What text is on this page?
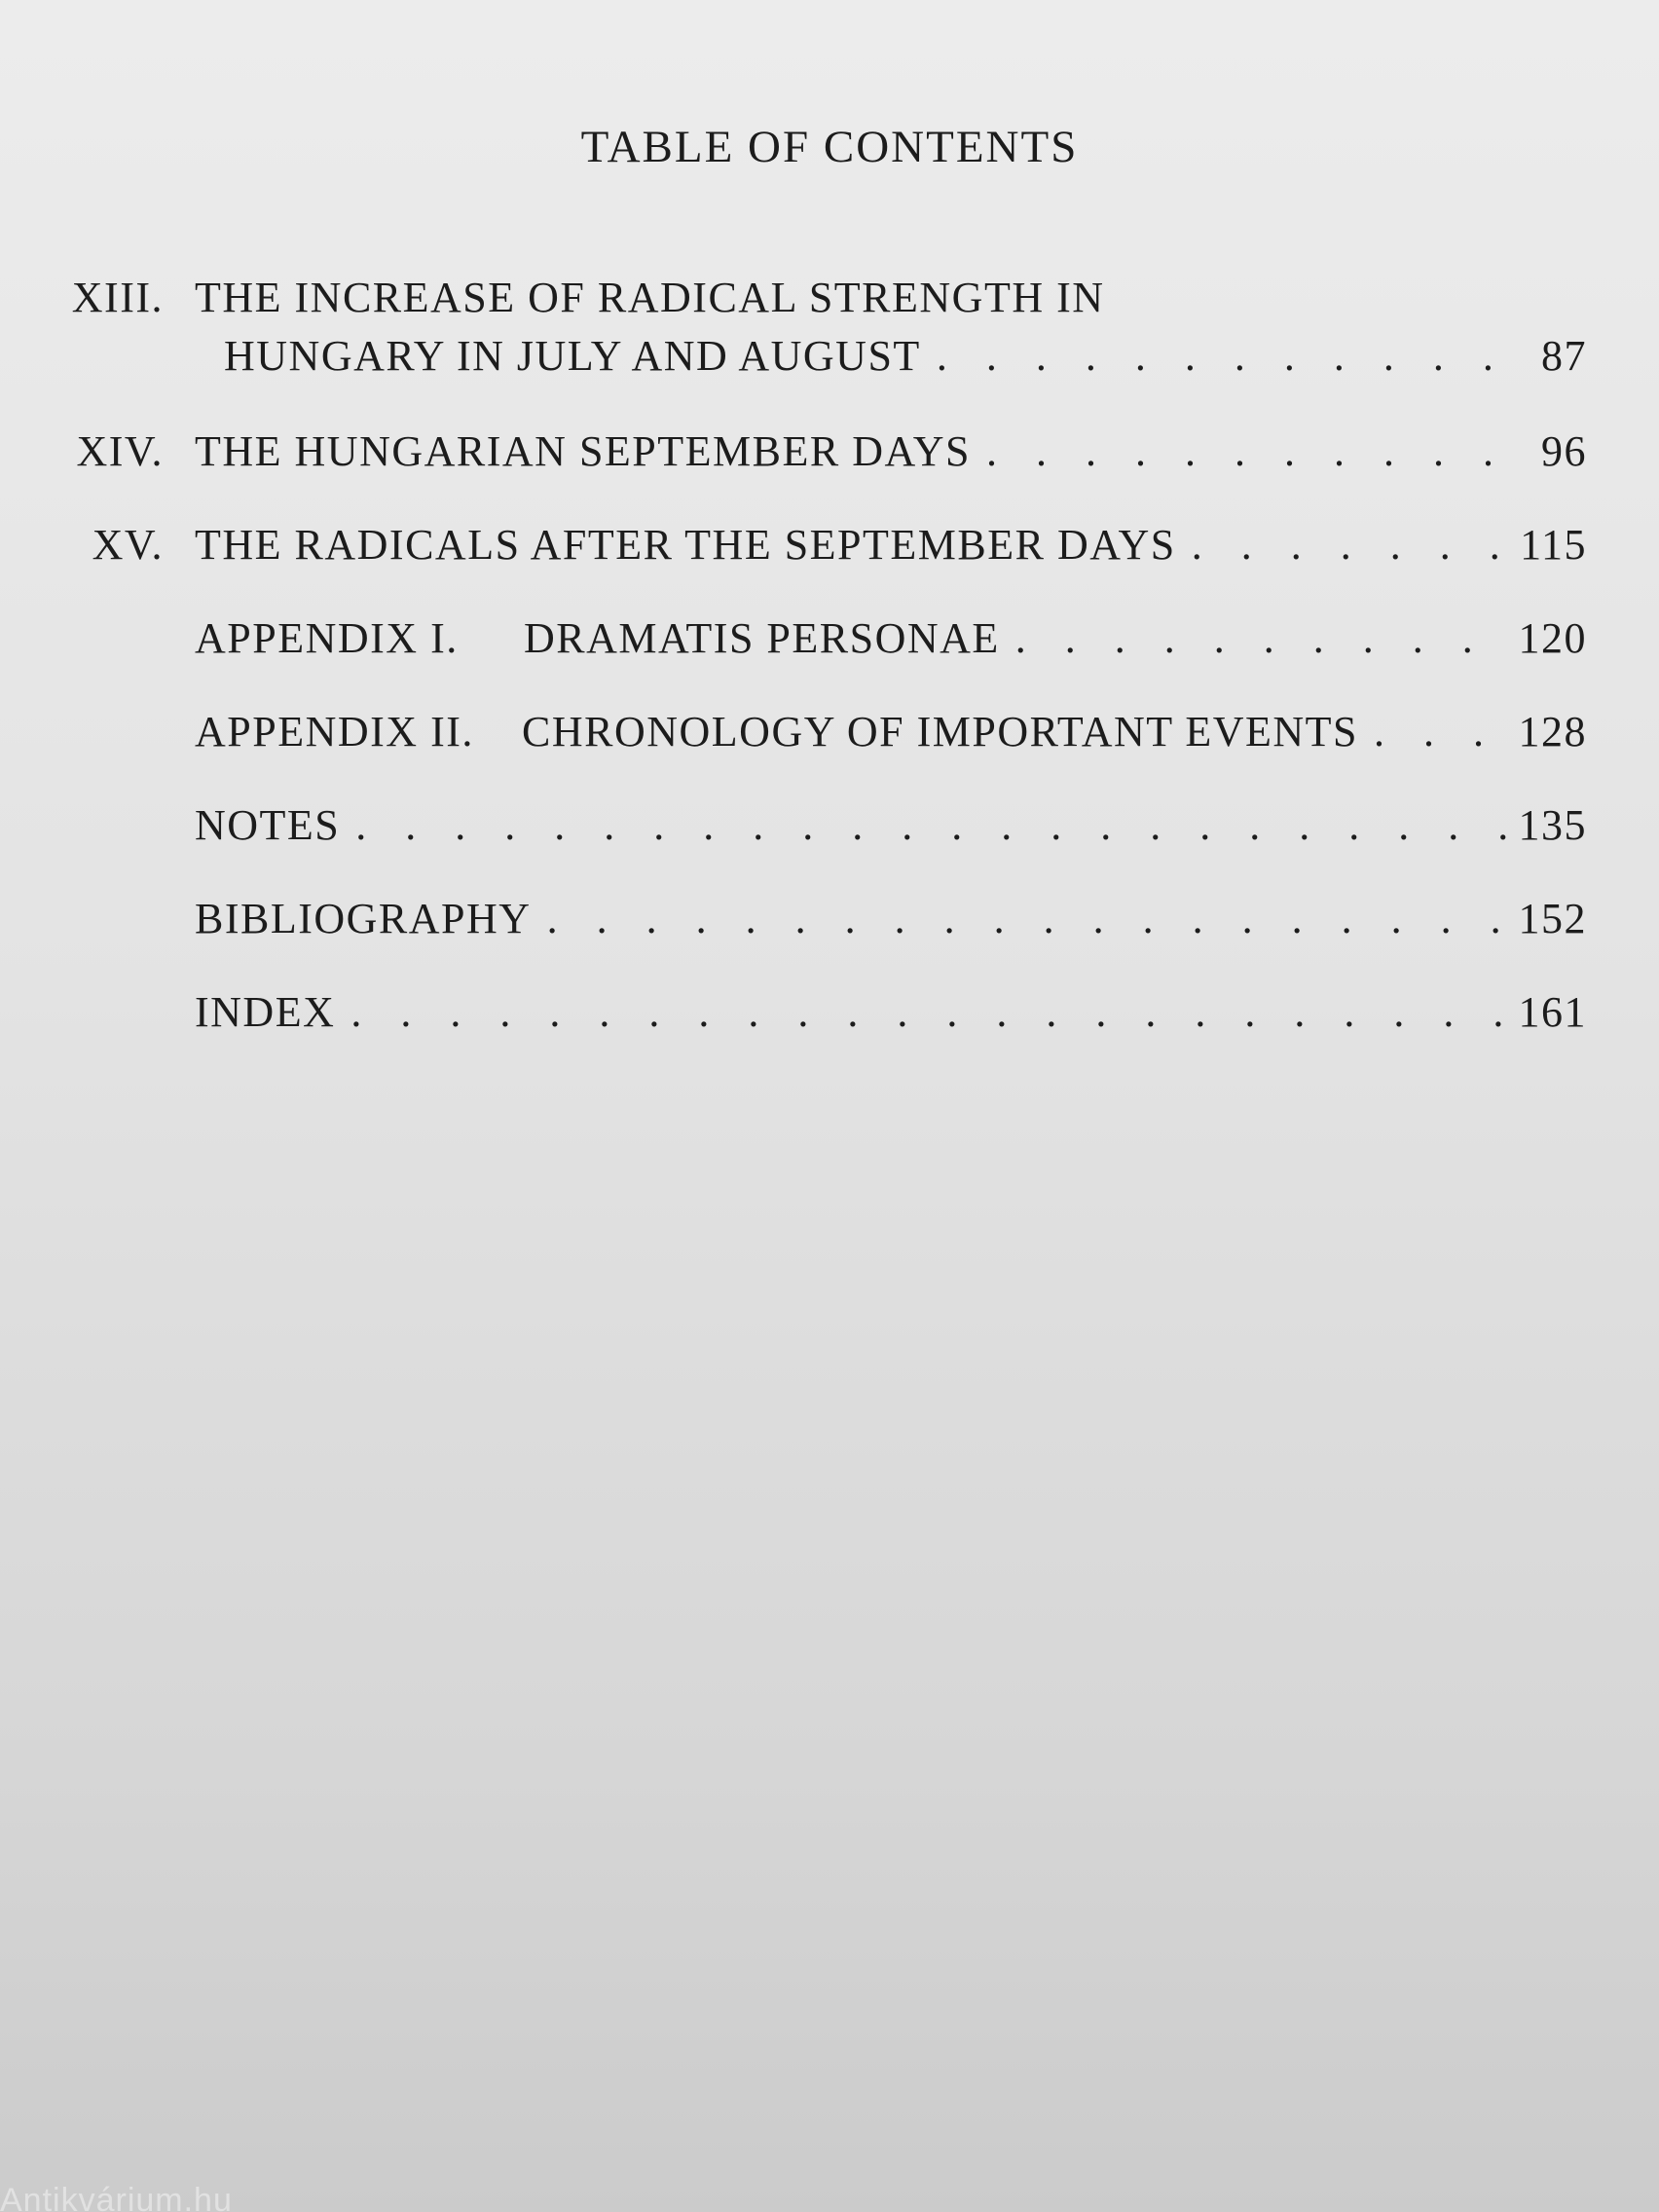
TABLE OF CONTENTS
XIII. THE INCREASE OF RADICAL STRENGTH IN
HUNGARY IN JULY AND AUGUST . . .	87
XIV. THE HUNGARIAN SEPTEMBER DAYS . . .	96
XV. THE RADICALS AFTER THE SEPTEMBER DAYS . . .	115
APPENDIX I.	DRAMATIS PERSONAE . . .	120
APPENDIX II.	CHRONOLOGY OF IMPORTANT EVENTS . . .	128
NOTES . . .	135
BIBLIOGRAPHY . . .	152
INDEX . . .	161
Antikvárium.hu
